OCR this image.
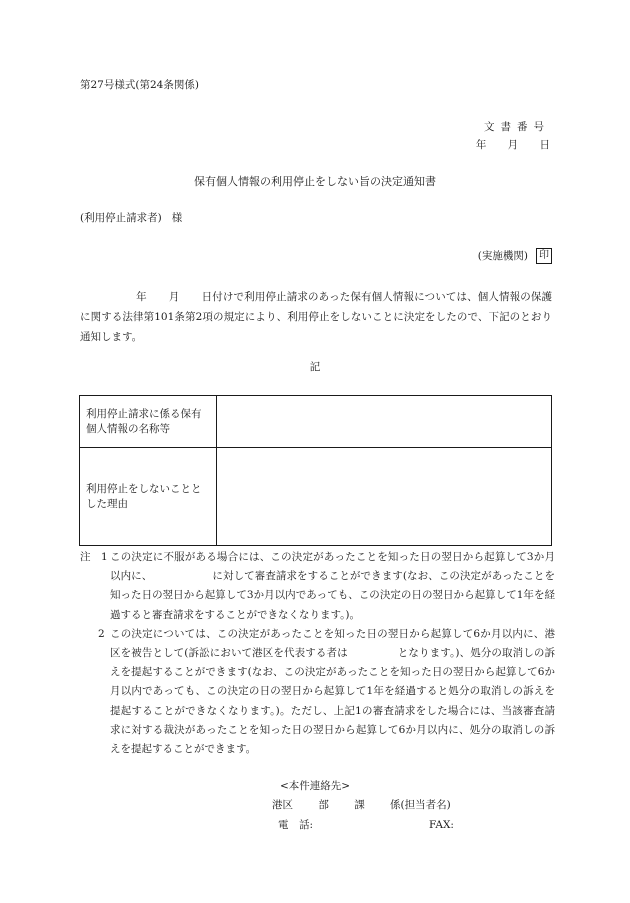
第27号様式(第24条関係)
文書番号
年 月 日
保有個人情報の利用停止をしない旨の決定通知書
(利用停止請求者) 様
(実施機関)	印
年 月 日付けで利用停止請求のあった保有個人情報については、個人情報の保護に関する法律第101条第2項の規定により、利用停止をしないことに決定をしたので、下記のとおり通知します。
記
利用停止請求に係る保有個人情報の名称等	
利用停止をしないこととした理由	
注  1 この決定に不服がある場合には、この決定があったことを知った日の翌日から起算して3か月以内に、	に対して審査請求をすることができます(なお、この決定があったことを知った日の翌日から起算して3か月以内であっても、この決定の日の翌日から起算して1年を経過すると審査請求をすることができなくなります。)。
2 この決定については、この決定があったことを知った日の翌日から起算して6か月以内に、港区を被告として(訴訟において港区を代表する者は	となります。)、処分の取消しの訴えを提起することができます(なお、この決定があったことを知った日の翌日から起算して6か月以内であっても、この決定の日の翌日から起算して1年を経過すると処分の取消しの訴えを提起することができなくなります。)。ただし、上記1の審査請求をした場合には、当該審査請求に対する裁決があったことを知った日の翌日から起算して6か月以内に、処分の取消しの訴えを提起することができます。
<本件連絡先>
港区 部 課 係(担当者名)
電　話:	FAX:
